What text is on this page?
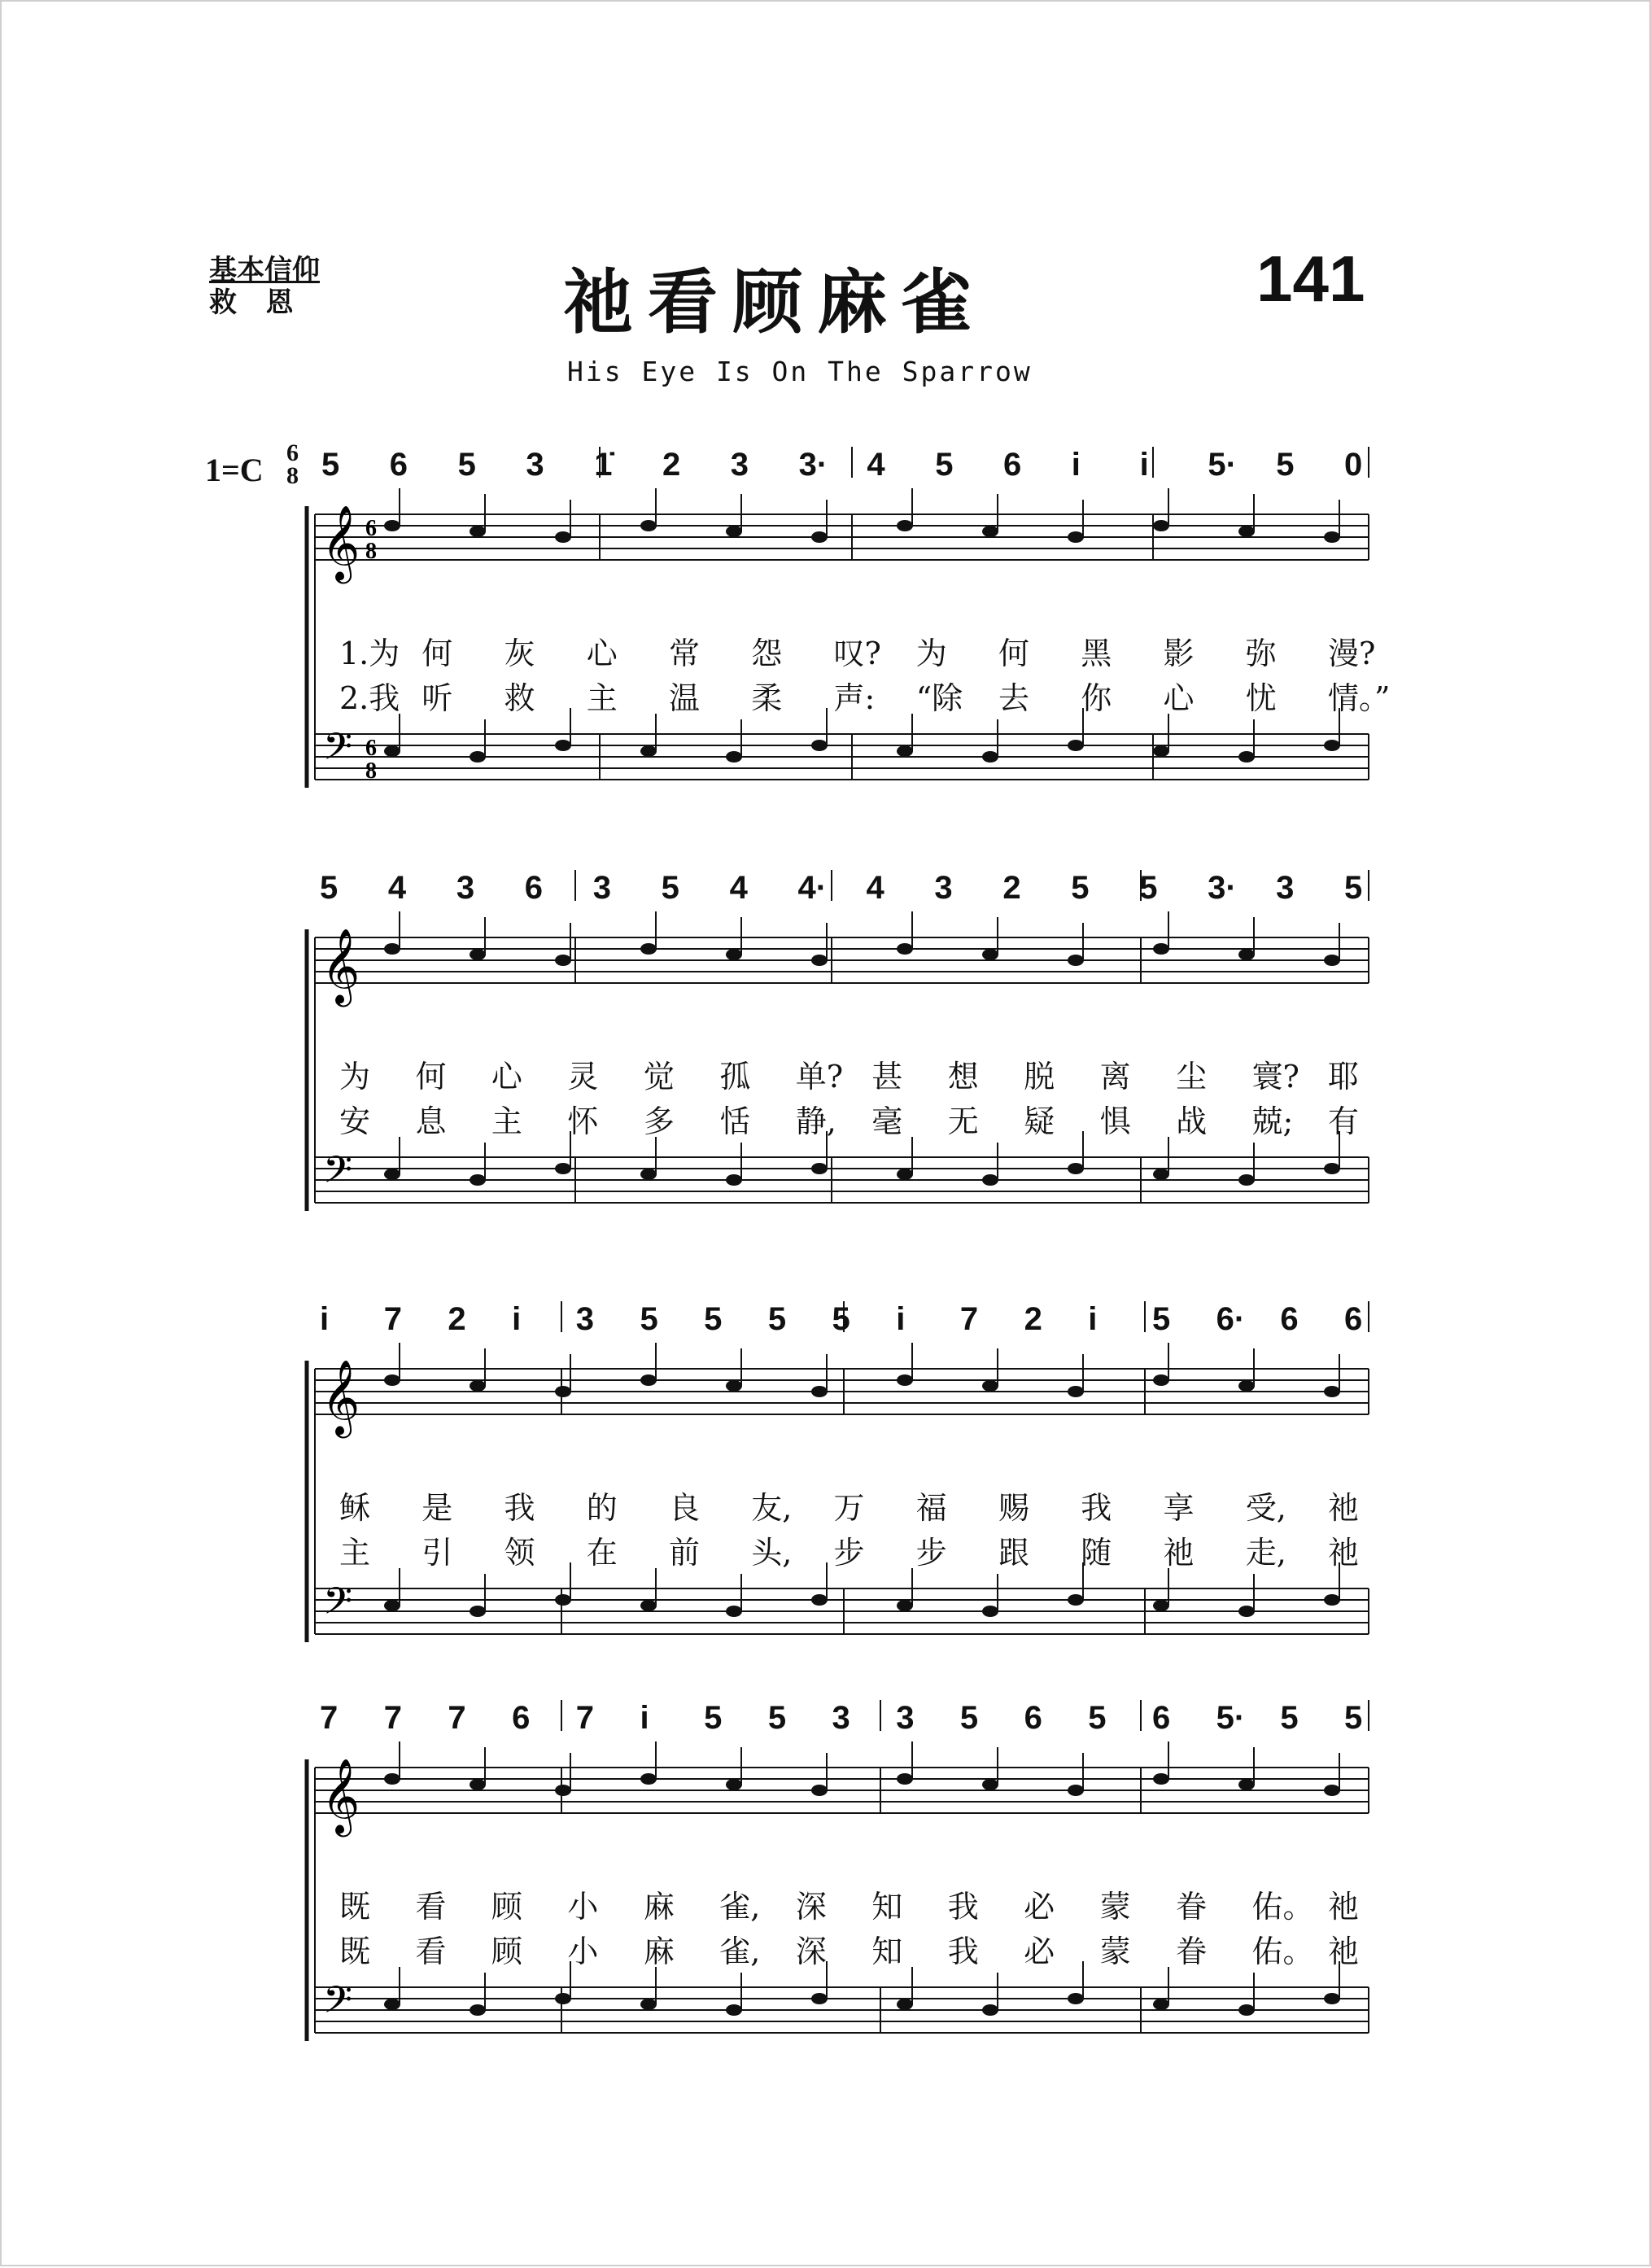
基本信仰
救   恩	祂看顾麻雀	141
His Eye Is On The Sparrow
1=C 6
8 5 6 5 3 1̇ 2 3 3· 4 5 6 i i 5· 5 0
1.为 何 灰 心 常 怨 叹? 为 何 黑 影 弥 漫?
2.我 听 救 主 温 柔 声: “除 去 你 心 忧 情。”
5 4 3 6 3 5 4 4· 4 3 2 5 5 3· 3 5
为 何 心 灵 觉 孤 单? 甚 想 脱 离 尘 寰? 耶
安 息 主 怀 多 恬 静, 毫 无 疑 惧 战 兢; 有
i 7 2 i 3 5 5 5 5 i 7 2 i 5 6· 6 6
稣 是 我 的 良 友, 万 福 赐 我 享 受, 祂
主 引 领 在 前 头, 步 步 跟 随 祂 走, 祂
7 7 7 6 7 i 5 5 3 3 5 6 5 6 5· 5 5
既 看 顾 小 麻 雀, 深 知 我 必 蒙 眷 佑。 祂
既 看 顾 小 麻 雀, 深 知 我 必 蒙 眷 佑。 祂
𝄞
𝄢
6
8
6
8
𝄞
𝄢
𝄞
𝄢
𝄞
𝄢
